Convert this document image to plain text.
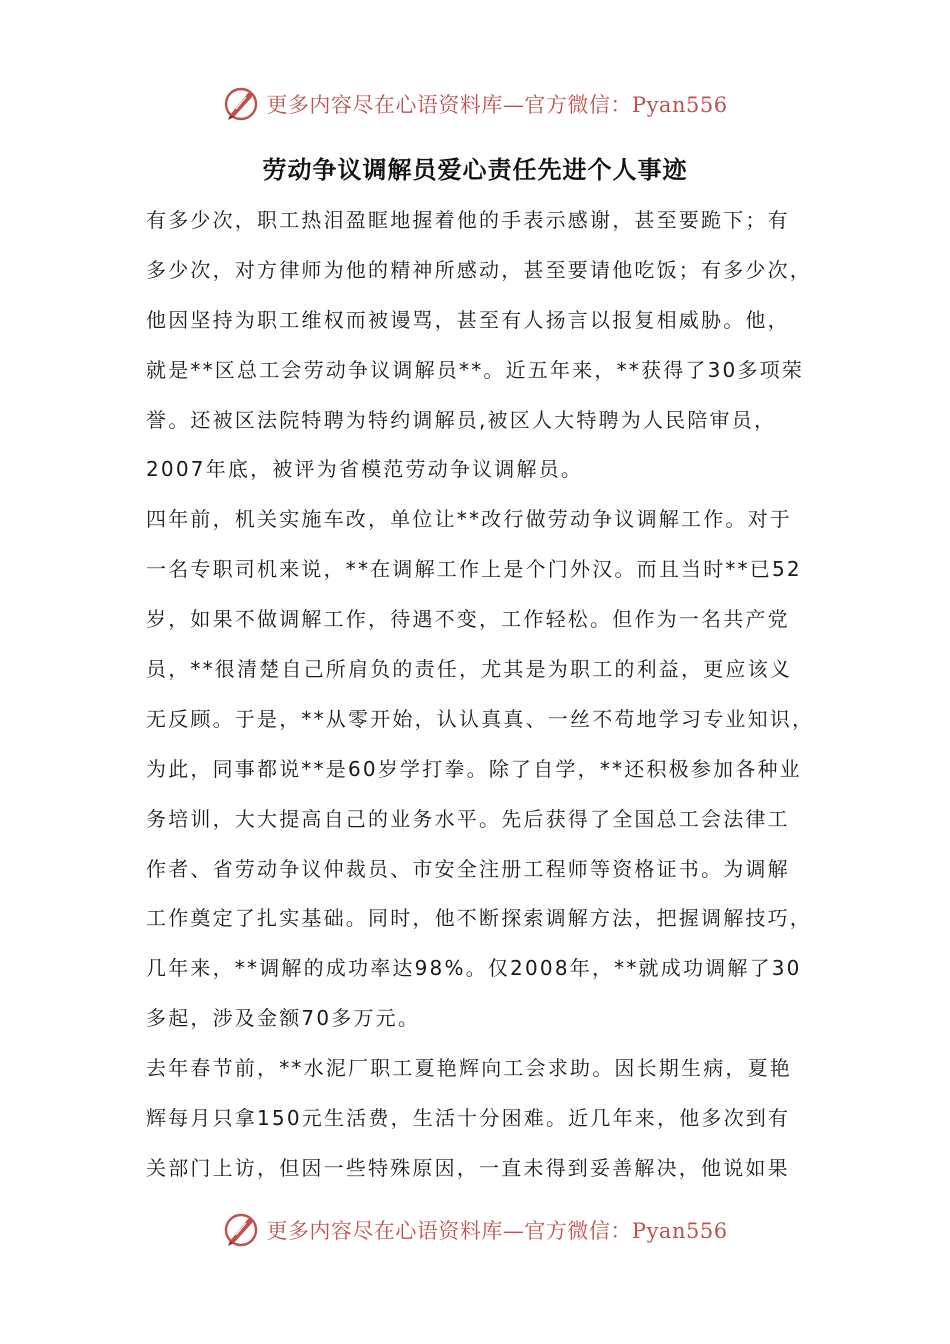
更多内容尽在心语资料库—官方微信：Pyan556
劳动争议调解员爱心责任先进个人事迹
有多少次，职工热泪盈眶地握着他的手表示感谢，甚至要跪下；有
多少次，对方律师为他的精神所感动，甚至要请他吃饭；有多少次，
他因坚持为职工维权而被谩骂，甚至有人扬言以报复相威胁。他，
就是**区总工会劳动争议调解员**。近五年来，**获得了30多项荣
誉。还被区法院特聘为特约调解员,被区人大特聘为人民陪审员，
2007年底，被评为省模范劳动争议调解员。
四年前，机关实施车改，单位让**改行做劳动争议调解工作。对于
一名专职司机来说，**在调解工作上是个门外汉。而且当时**已52
岁，如果不做调解工作，待遇不变，工作轻松。但作为一名共产党
员，**很清楚自己所肩负的责任，尤其是为职工的利益，更应该义
无反顾。于是，**从零开始，认认真真、一丝不苟地学习专业知识，
为此，同事都说**是60岁学打拳。除了自学，**还积极参加各种业
务培训，大大提高自己的业务水平。先后获得了全国总工会法律工
作者、省劳动争议仲裁员、市安全注册工程师等资格证书。为调解
工作奠定了扎实基础。同时，他不断探索调解方法，把握调解技巧，
几年来，**调解的成功率达98%。仅2008年，**就成功调解了30
多起，涉及金额70多万元。
去年春节前，**水泥厂职工夏艳辉向工会求助。因长期生病，夏艳
辉每月只拿150元生活费，生活十分困难。近几年来，他多次到有
关部门上访，但因一些特殊原因，一直未得到妥善解决，他说如果
更多内容尽在心语资料库—官方微信：Pyan556
